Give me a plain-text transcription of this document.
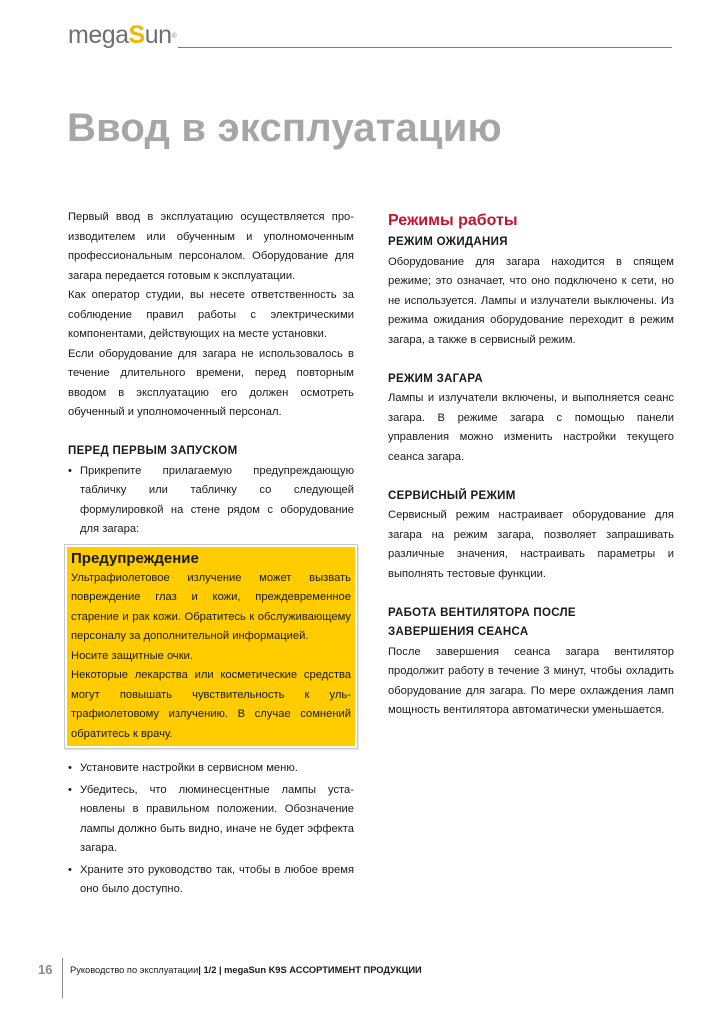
megaSun®
Ввод в эксплуатацию

Первый ввод в эксплуатацию осуществляется производителем или обученным и уполномоченным профессиональным персоналом. Оборудование для загара передается готовым к эксплуатации.

Как оператор студии, вы несете ответственность за соблюдение правил работы с электрическими компонентами, действующих на месте установки.

Если оборудование для загара не использовалось в течение длительного времени, перед повторным вводом в эксплуатацию его должен осмотреть обученный и уполномоченный персонал.

ПЕРЕД ПЕРВЫМ ЗАПУСКОМ
• Прикрепите прилагаемую предупреждающую табличку или табличку со следующей формулировкой на стене рядом с оборудование для загара:

Предупреждение

Ультрафиолетовое излучение может вызвать повреждение глаз и кожи, преждевременное старение и рак кожи. Обратитесь к обслуживающему персоналу за дополнительной информацией.

Носите защитные очки.

Некоторые лекарства или косметические средства могут повышать чувствительность к ультрафиолетовому излучению. В случае сомнений обратитесь к врачу.

• Установите настройки в сервисном меню.
• Убедитесь, что люминесцентные лампы установлены в правильном положении. Обозначение лампы должно быть видно, иначе не будет эффекта загара.
• Храните это руководство так, чтобы в любое время оно было доступно.
Режимы работы
РЕЖИМ ОЖИДАНИЯ

Оборудование для загара находится в спящем режиме; это означает, что оно подключено к сети, но не используется. Лампы и излучатели выключены. Из режима ожидания оборудование переходит в режим загара, а также в сервисный режим.

РЕЖИМ ЗАГАРА

Лампы и излучатели включены, и выполняется сеанс загара. В режиме загара с помощью панели управления можно изменить настройки текущего сеанса загара.

СЕРВИСНЫЙ РЕЖИМ

Сервисный режим настраивает оборудование для загара на режим загара, позволяет запрашивать различные значения, настраивать параметры и выполнять тестовые функции.

РАБОТА ВЕНТИЛЯТОРА ПОСЛЕ
ЗАВЕРШЕНИЯ СЕАНСА

После завершения сеанса загара вентилятор продолжит работу в течение 3 минут, чтобы охладить оборудование для загара. По мере охлаждения ламп мощность вентилятора автоматически уменьшается.

16 Руководство по эксплуатации| 1/2 | megaSun K9S АССОРТИМЕНТ ПРОДУКЦИИ
